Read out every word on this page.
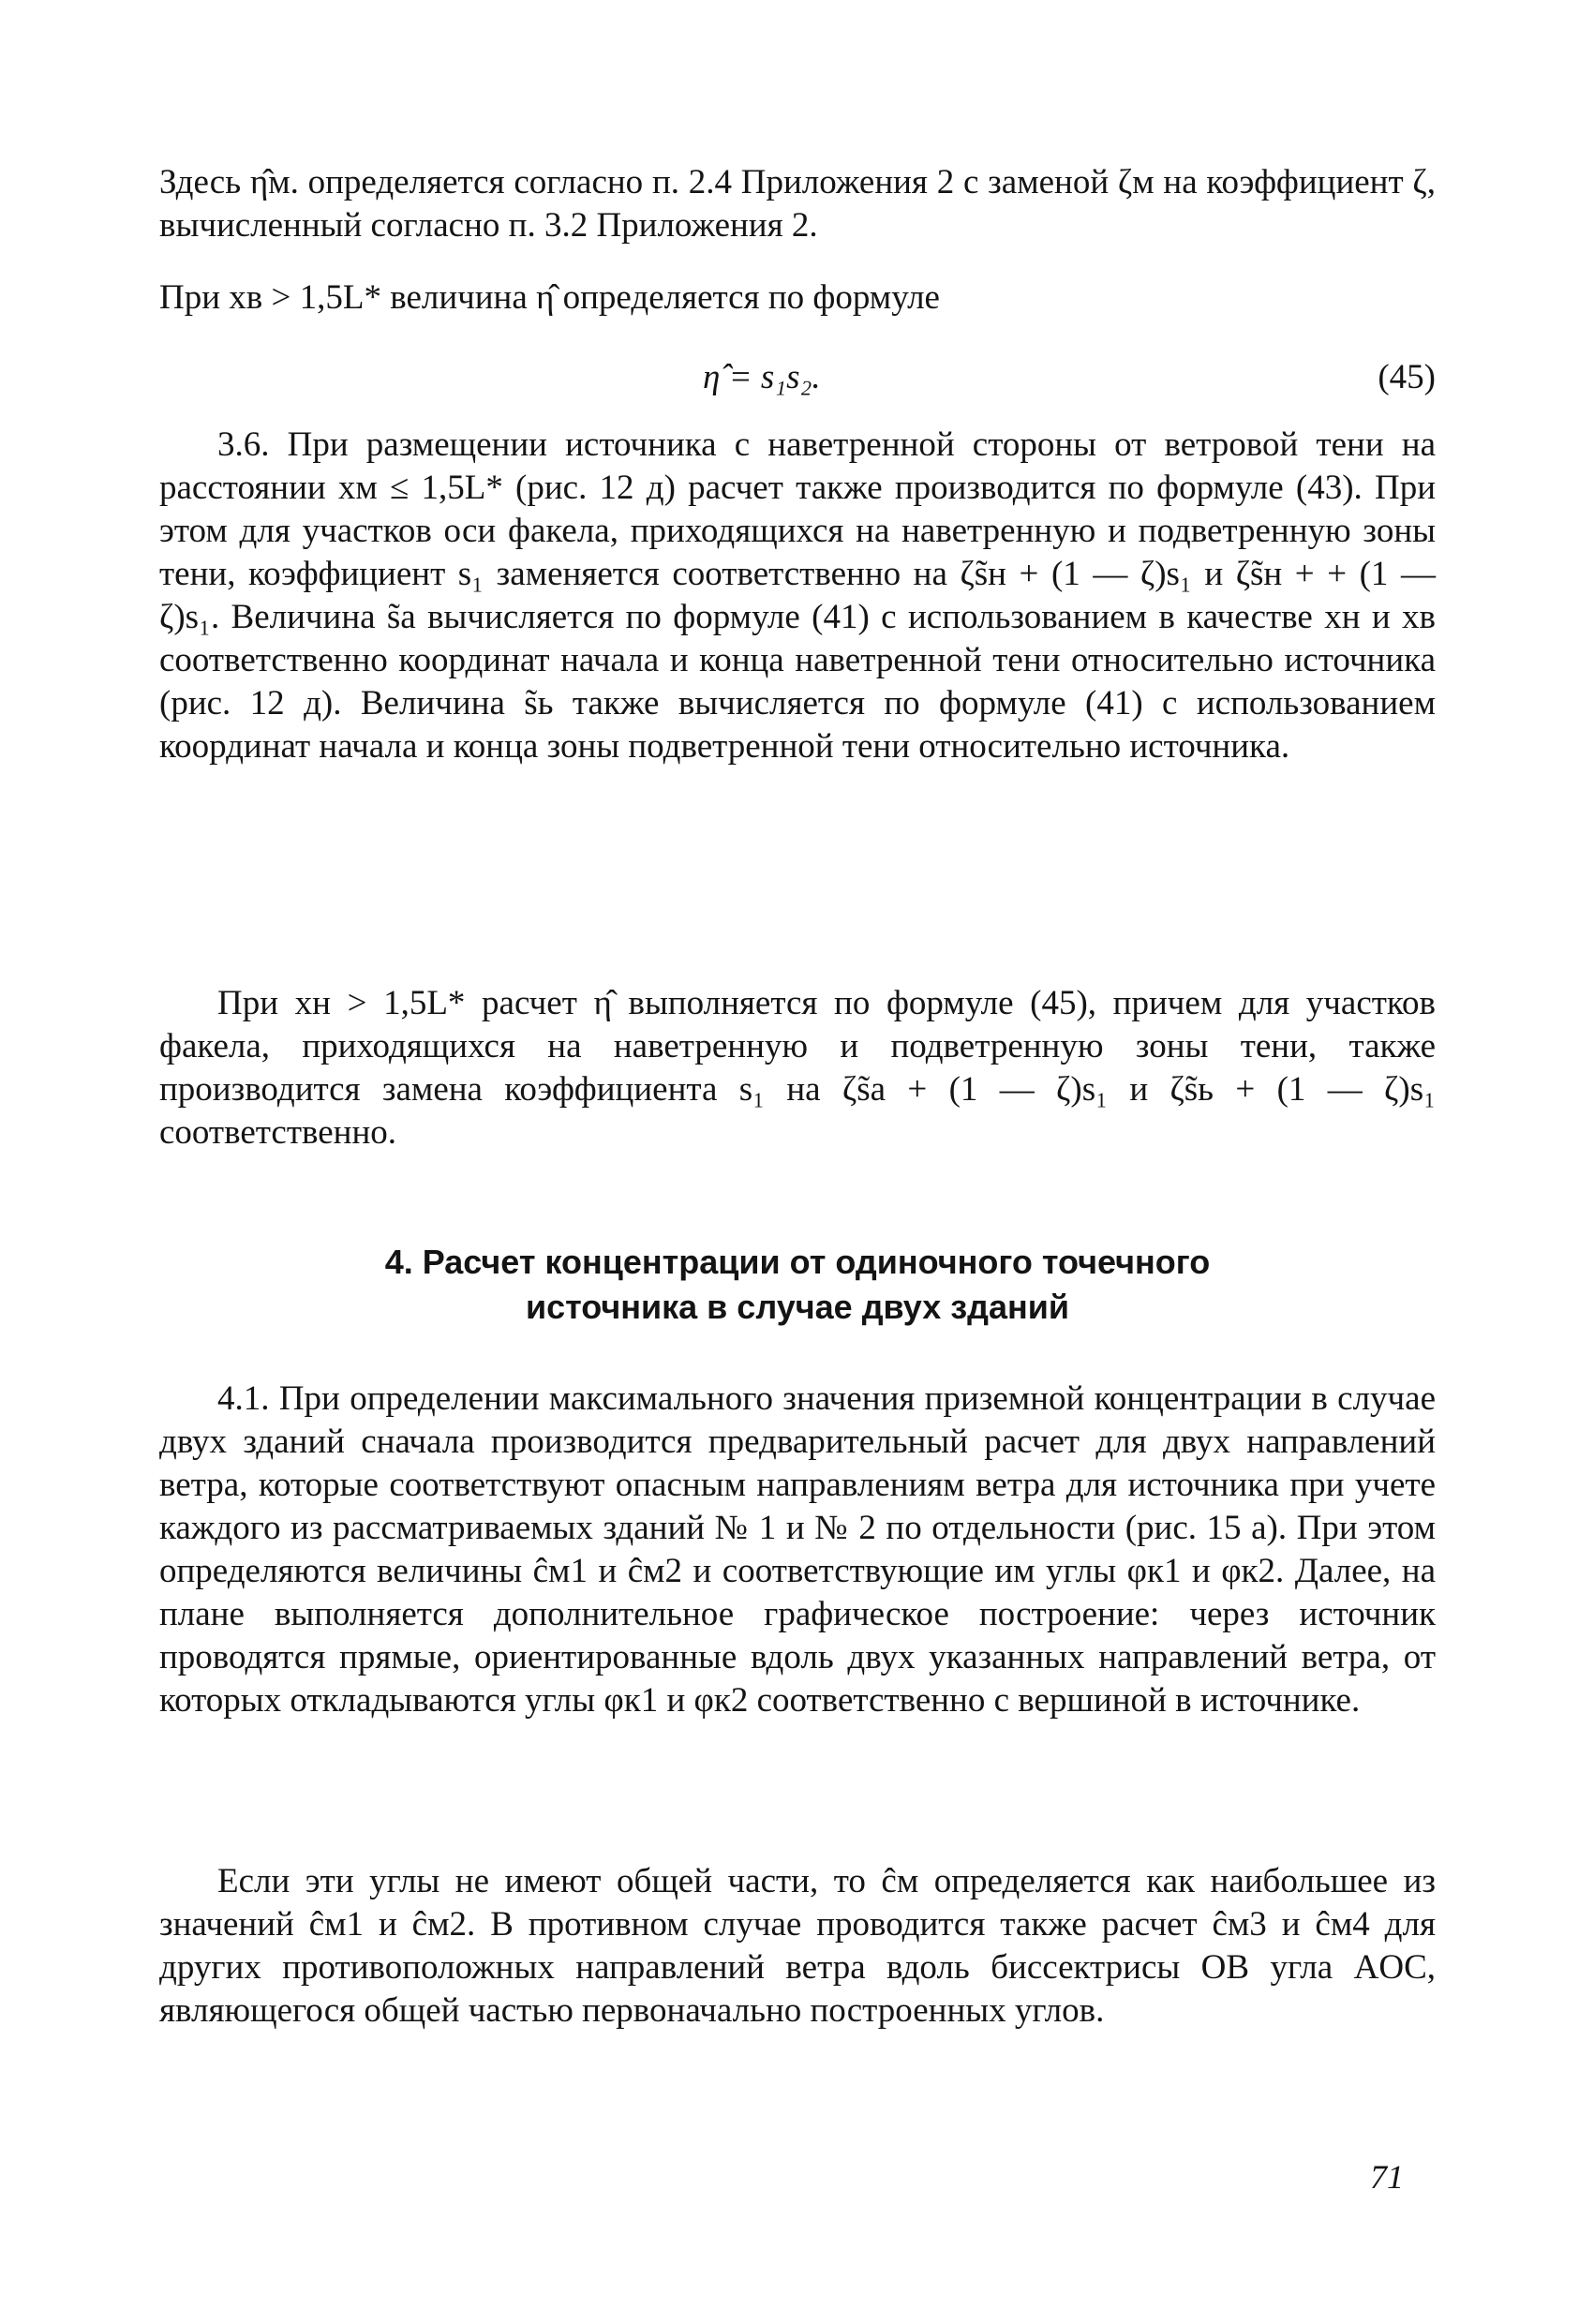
Здесь η̂м. определяется согласно п. 2.4 Приложения 2 с заменой ζм на коэффициент ζ, вычисленный согласно п. 3.2 Приложения 2.

При xв > 1,5L* величина η̂ определяется по формуле

η̂ = s₁s₂.	(45)

3.6. При размещении источника с наветренной стороны от ветровой тени на расстоянии xм ≤ 1,5L* (рис. 12 д) расчет также производится по формуле (43). При этом для участков оси факела, приходящихся на наветренную и подветренную зоны тени, коэффициент s₁ заменяется соответственно на ζs̃н + (1 — ζ)s₁ и ζs̃н + + (1 — ζ)s₁. Величина s̃а вычисляется по формуле (41) с использованием в качестве xн и xв соответственно координат начала и конца наветренной тени относительно источника (рис. 12 д). Величина s̃ь также вычисляется по формуле (41) с использованием координат начала и конца зоны подветренной тени относительно источника.

При xн > 1,5L* расчет η̂ выполняется по формуле (45), причем для участков факела, приходящихся на наветренную и подветренную зоны тени, также производится замена коэффициента s₁ на ζs̃а + (1 — ζ)s₁ и ζs̃ь + (1 — ζ)s₁ соответственно.

4. Расчет концентрации от одиночного точечного
источника в случае двух зданий

4.1. При определении максимального значения приземной концентрации в случае двух зданий сначала производится предварительный расчет для двух направлений ветра, которые соответствуют опасным направлениям ветра для источника при учете каждого из рассматриваемых зданий № 1 и № 2 по отдельности (рис. 15 а). При этом определяются величины ĉм1 и ĉм2 и соответствующие им углы φк1 и φк2. Далее, на плане выполняется дополнительное графическое построение: через источник проводятся прямые, ориентированные вдоль двух указанных направлений ветра, от которых откладываются углы φк1 и φк2 соответственно с вершиной в источнике.

Если эти углы не имеют общей части, то ĉм определяется как наибольшее из значений ĉм1 и ĉм2. В противном случае проводится также расчет ĉм3 и ĉм4 для других противоположных направлений ветра вдоль биссектрисы OB угла AOC, являющегося общей частью первоначально построенных углов.

71
